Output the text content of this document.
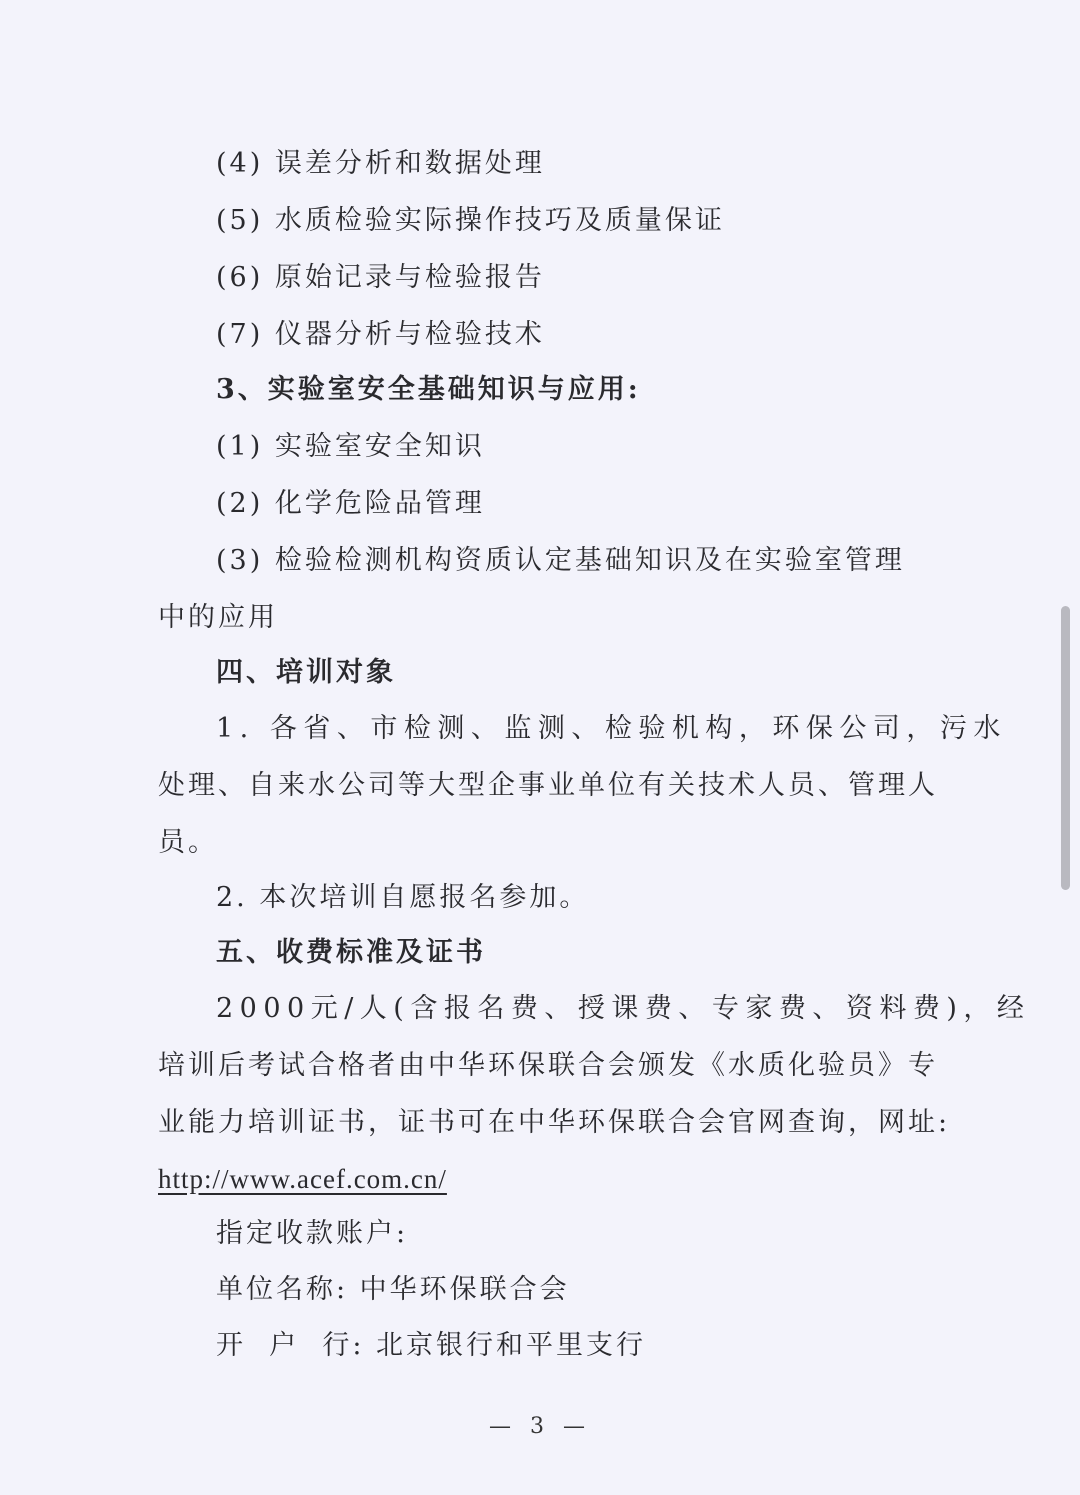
(4) 误差分析和数据处理
(5) 水质检验实际操作技巧及质量保证
(6) 原始记录与检验报告
(7) 仪器分析与检验技术
3、实验室安全基础知识与应用:
(1) 实验室安全知识
(2) 化学危险品管理
(3) 检验检测机构资质认定基础知识及在实验室管理
中的应用
四、培训对象
1. 各省、市检测、监测、检验机构，环保公司，污水
处理、自来水公司等大型企事业单位有关技术人员、管理人
员。
2. 本次培训自愿报名参加。
五、收费标准及证书
2000元/人(含报名费、授课费、专家费、资料费)，经
培训后考试合格者由中华环保联合会颁发《水质化验员》专
业能力培训证书，证书可在中华环保联合会官网查询，网址:
http://www.acef.com.cn/
指定收款账户:
单位名称: 中华环保联合会
开  户  行: 北京银行和平里支行
— 3 —
